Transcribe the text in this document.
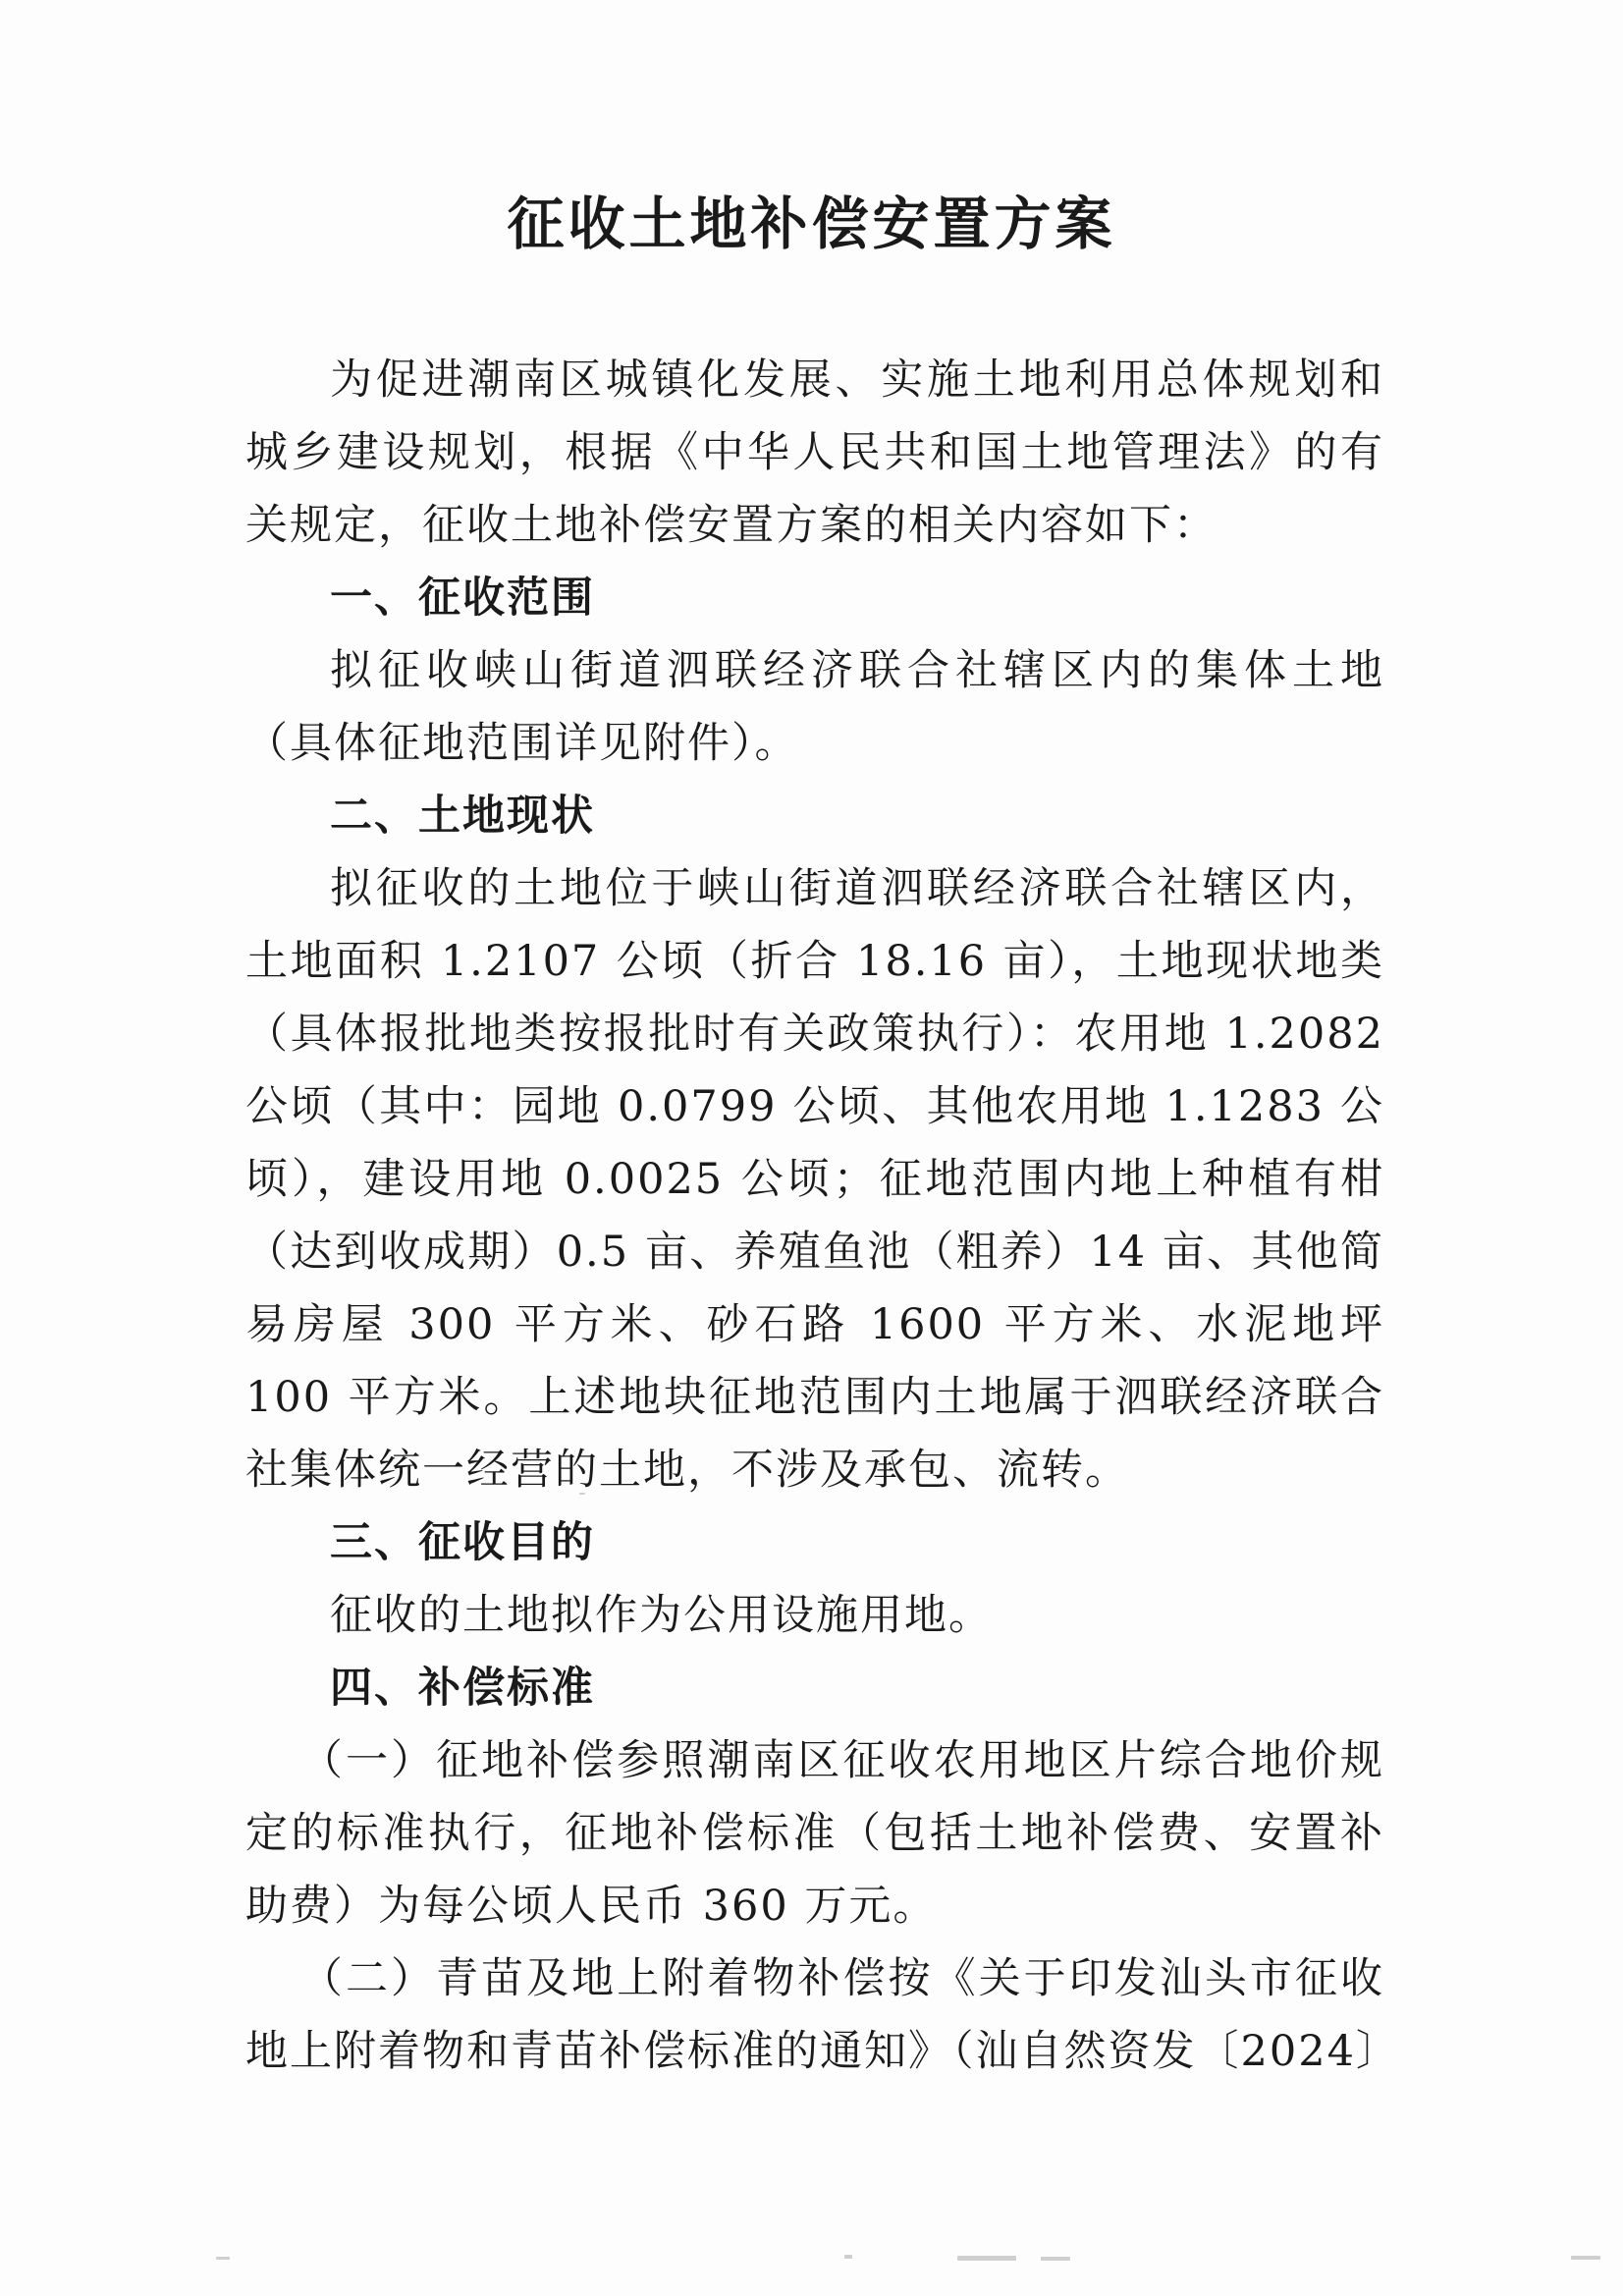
征收土地补偿安置方案

为促进潮南区城镇化发展、实施土地利用总体规划和城乡建设规划，根据《中华人民共和国土地管理法》的有关规定，征收土地补偿安置方案的相关内容如下：

一、征收范围

拟征收峡山街道泗联经济联合社辖区内的集体土地（具体征地范围详见附件）。

二、土地现状

拟征收的土地位于峡山街道泗联经济联合社辖区内，土地面积 1.2107 公顷（折合 18.16 亩），土地现状地类（具体报批地类按报批时有关政策执行）：农用地 1.2082 公顷（其中：园地 0.0799 公顷、其他农用地 1.1283 公顷），建设用地 0.0025 公顷；征地范围内地上种植有柑（达到收成期）0.5 亩、养殖鱼池（粗养）14 亩、其他简易房屋 300 平方米、砂石路 1600 平方米、水泥地坪 100 平方米。上述地块征地范围内土地属于泗联经济联合社集体统一经营的土地，不涉及承包、流转。

三、征收目的

征收的土地拟作为公用设施用地。

四、补偿标准

（一）征地补偿参照潮南区征收农用地区片综合地价规定的标准执行，征地补偿标准（包括土地补偿费、安置补助费）为每公顷人民币 360 万元。

（二）青苗及地上附着物补偿按《关于印发汕头市征收地上附着物和青苗补偿标准的通知》（汕自然资发〔2024〕
